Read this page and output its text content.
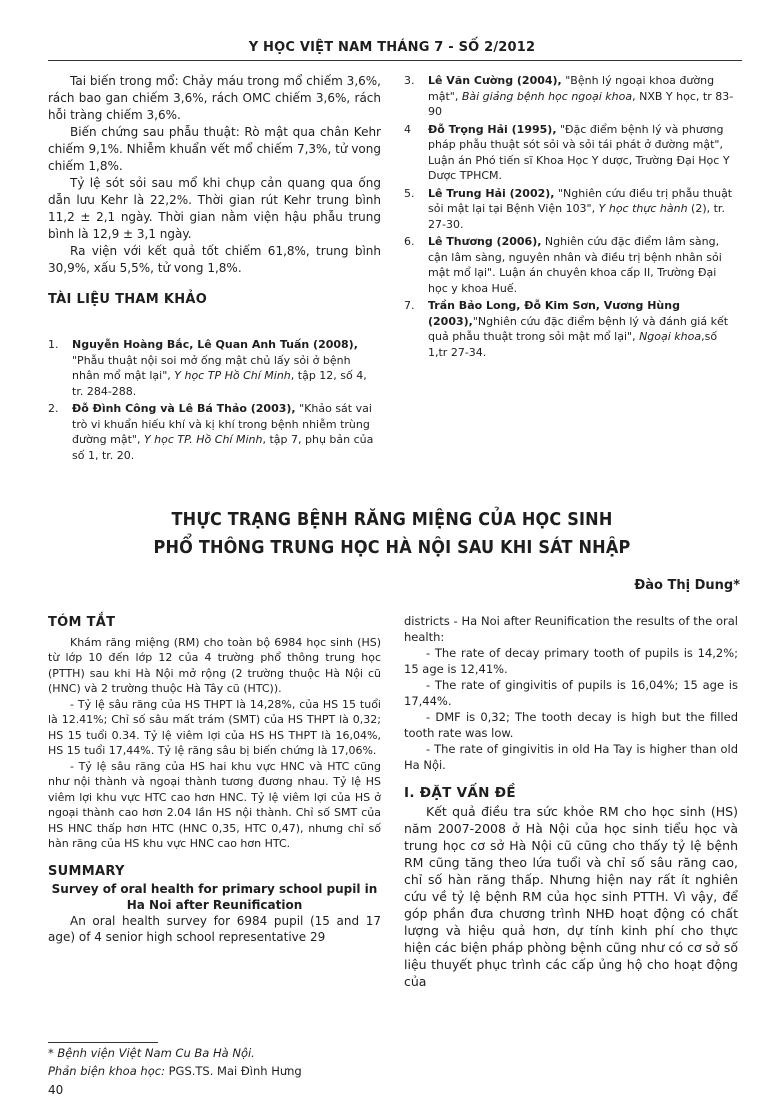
Y HỌC VIỆT NAM THÁNG 7 - SỐ 2/2012

Tai biến trong mổ: Chảy máu trong mổ chiếm 3,6%, rách bao gan chiếm 3,6%, rách OMC chiếm 3,6%, rách hỗi tràng chiếm 3,6%.

Biến chứng sau phẫu thuật: Rò mật qua chân Kehr chiếm 9,1%. Nhiễm khuẩn vết mổ chiếm 7,3%, tử vong chiếm 1,8%.

Tỷ lệ sót sỏi sau mổ khi chụp cản quang qua ống dẫn lưu Kehr là 22,2%. Thời gian rút Kehr trung bình 11,2 ± 2,1 ngày. Thời gian nằm viện hậu phẫu trung bình là 12,9 ± 3,1 ngày.

Ra viện với kết quả tốt chiếm 61,8%, trung bình 30,9%, xấu 5,5%, tử vong 1,8%.

TÀI LIỆU THAM KHẢO

1.	Nguyễn Hoàng Bắc, Lê Quan Anh Tuấn (2008), "Phẫu thuật nội soi mở ống mật chủ lấy sỏi ở bệnh nhân mổ mật lại", Y học TP Hồ Chí Minh, tập 12, số 4, tr. 284-288.
2.	Đỗ Đình Công và Lê Bá Thảo (2003), "Khảo sát vai trò vi khuẩn hiếu khí và kị khí trong bệnh nhiễm trùng đường mật", Y học TP. Hồ Chí Minh, tập 7, phụ bản của số 1, tr. 20.
3.	Lê Văn Cường (2004), "Bệnh lý ngoại khoa đường mật", Bài giảng bệnh học ngoại khoa, NXB Y học, tr 83-90
4	Đỗ Trọng Hải (1995), "Đặc điểm bệnh lý và phương pháp phẫu thuật sót sỏi và sỏi tái phát ở đường mật", Luận án Phó tiến sĩ Khoa Học Y dược, Trường Đại Học Y Dược TPHCM.
5.	Lê Trung Hải (2002), "Nghiên cứu điều trị phẫu thuật sỏi mật lại tại Bệnh Viện 103", Y học thực hành (2), tr. 27-30.
6.	Lê Thương (2006), Nghiên cứu đặc điểm lâm sàng, cận lâm sàng, nguyên nhân và điều trị bệnh nhân sỏi mật mổ lại". Luận án chuyên khoa cấp II, Trường Đại học y khoa Huế.
7.	Trần Bảo Long, Đỗ Kim Sơn, Vương Hùng (2003),"Nghiên cứu đặc điểm bệnh lý và đánh giá kết quả phẫu thuật trong sỏi mật mổ lại", Ngoại khoa,số 1,tr 27-34.
THỰC TRẠNG BỆNH RĂNG MIỆNG CỦA HỌC SINH
PHỔ THÔNG TRUNG HỌC HÀ NỘI SAU KHI SÁT NHẬP
Đào Thị Dung*

TÓM TẮT

Khám răng miệng (RM) cho toàn bộ 6984 học sinh (HS) từ lớp 10 đến lớp 12 của 4 trường phổ thông trung học (PTTH) sau khi Hà Nội mở rộng (2 trường thuộc Hà Nội cũ (HNC) và 2 trường thuộc Hà Tây cũ (HTC)).

- Tỷ lệ sâu răng của HS THPT là 14,28%, của HS 15 tuổi là 12.41%; Chỉ số sâu mất trám (SMT) của HS THPT là 0,32; HS 15 tuổi 0.34. Tỷ lệ viêm lợi của HS HS THPT là 16,04%, HS 15 tuổi 17,44%. Tỷ lệ răng sâu bị biến chứng là 17,06%.

- Tỷ lệ sâu răng của HS hai khu vực HNC và HTC cũng như nội thành và ngoại thành tương đương nhau. Tỷ lệ HS viêm lợi khu vực HTC cao hơn HNC. Tỷ lệ viêm lợi của HS ở ngoại thành cao hơn 2.04 lần HS nội thành. Chỉ số SMT của HS HNC thấp hơn HTC (HNC 0,35, HTC 0,47), nhưng chỉ số hàn răng của HS khu vực HNC cao hơn HTC.

SUMMARY

Survey of oral health for primary school pupil in Ha Noi after Reunification

An oral health survey for 6984 pupil (15 and 17 age) of 4 senior high school representative 29

districts - Ha Noi after Reunification the results of the oral health:

- The rate of decay primary tooth of pupils is 14,2%; 15 age is 12,41%.

- The rate of gingivitis of pupils is 16,04%; 15 age is 17,44%.

- DMF is 0,32; The tooth decay is high but the filled tooth rate was low.

- The rate of gingivitis in old Ha Tay is higher than old Ha Nội.

I. ĐẶT VẤN ĐỀ

Kết quả điều tra sức khỏe RM cho học sinh (HS) năm 2007-2008 ở Hà Nội của học sinh tiểu học và trung học cơ sở Hà Nội cũ cũng cho thấy tỷ lệ bệnh RM cũng tăng theo lứa tuổi và chỉ số sâu răng cao, chỉ số hàn răng thấp. Nhưng hiện nay rất ít nghiên cứu về tỷ lệ bệnh RM của học sinh PTTH. Vì vậy, để góp phần đưa chương trình NHĐ hoạt động có chất lượng và hiệu quả hơn, dự tính kinh phí cho thực hiện các biện pháp phòng bệnh cũng như có cơ sở số liệu thuyết phục trình các cấp ủng hộ cho hoạt động của

* Bệnh viện Việt Nam Cu Ba Hà Nội.
Phản biện khoa học: PGS.TS. Mai Đình Hưng
40
